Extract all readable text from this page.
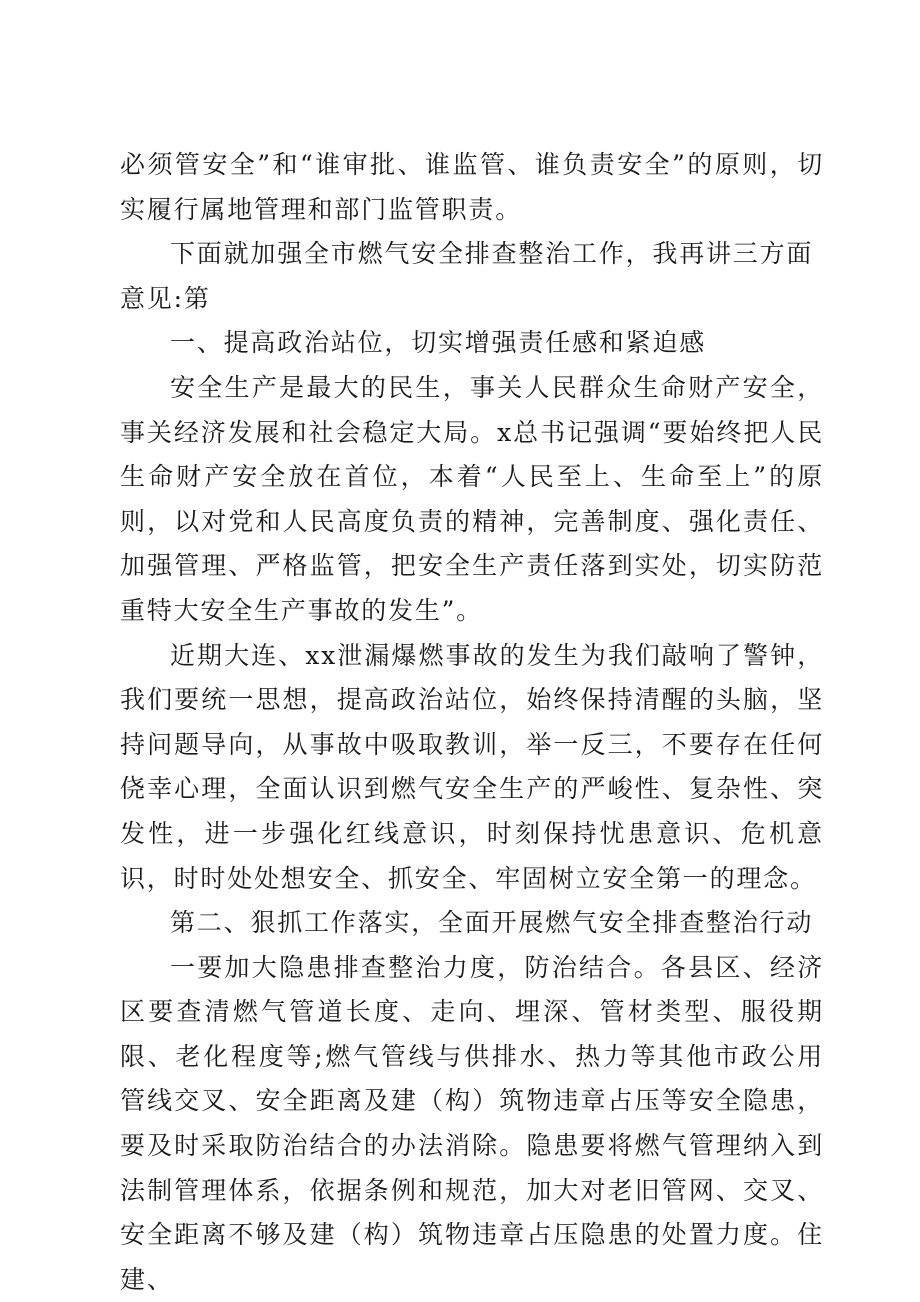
必须管安全”和“谁审批、谁监管、谁负责安全”的原则，切实履行属地管理和部门监管职责。

下面就加强全市燃气安全排查整治工作，我再讲三方面意见:第

一、提高政治站位，切实增强责任感和紧迫感

安全生产是最大的民生，事关人民群众生命财产安全，事关经济发展和社会稳定大局。x总书记强调“要始终把人民生命财产安全放在首位，本着“人民至上、生命至上”的原则，以对党和人民高度负责的精神，完善制度、强化责任、加强管理、严格监管，把安全生产责任落到实处，切实防范重特大安全生产事故的发生”。

近期大连、xx泄漏爆燃事故的发生为我们敲响了警钟，我们要统一思想，提高政治站位，始终保持清醒的头脑，坚持问题导向，从事故中吸取教训，举一反三，不要存在任何侥幸心理，全面认识到燃气安全生产的严峻性、复杂性、突发性，进一步强化红线意识，时刻保持忧患意识、危机意识，时时处处想安全、抓安全、牢固树立安全第一的理念。

第二、狠抓工作落实，全面开展燃气安全排查整治行动

一要加大隐患排查整治力度，防治结合。各县区、经济区要查清燃气管道长度、走向、埋深、管材类型、服役期限、老化程度等;燃气管线与供排水、热力等其他市政公用管线交叉、安全距离及建（构）筑物违章占压等安全隐患，要及时采取防治结合的办法消除。隐患要将燃气管理纳入到法制管理体系，依据条例和规范，加大对老旧管网、交叉、安全距离不够及建（构）筑物违章占压隐患的处置力度。住建、
